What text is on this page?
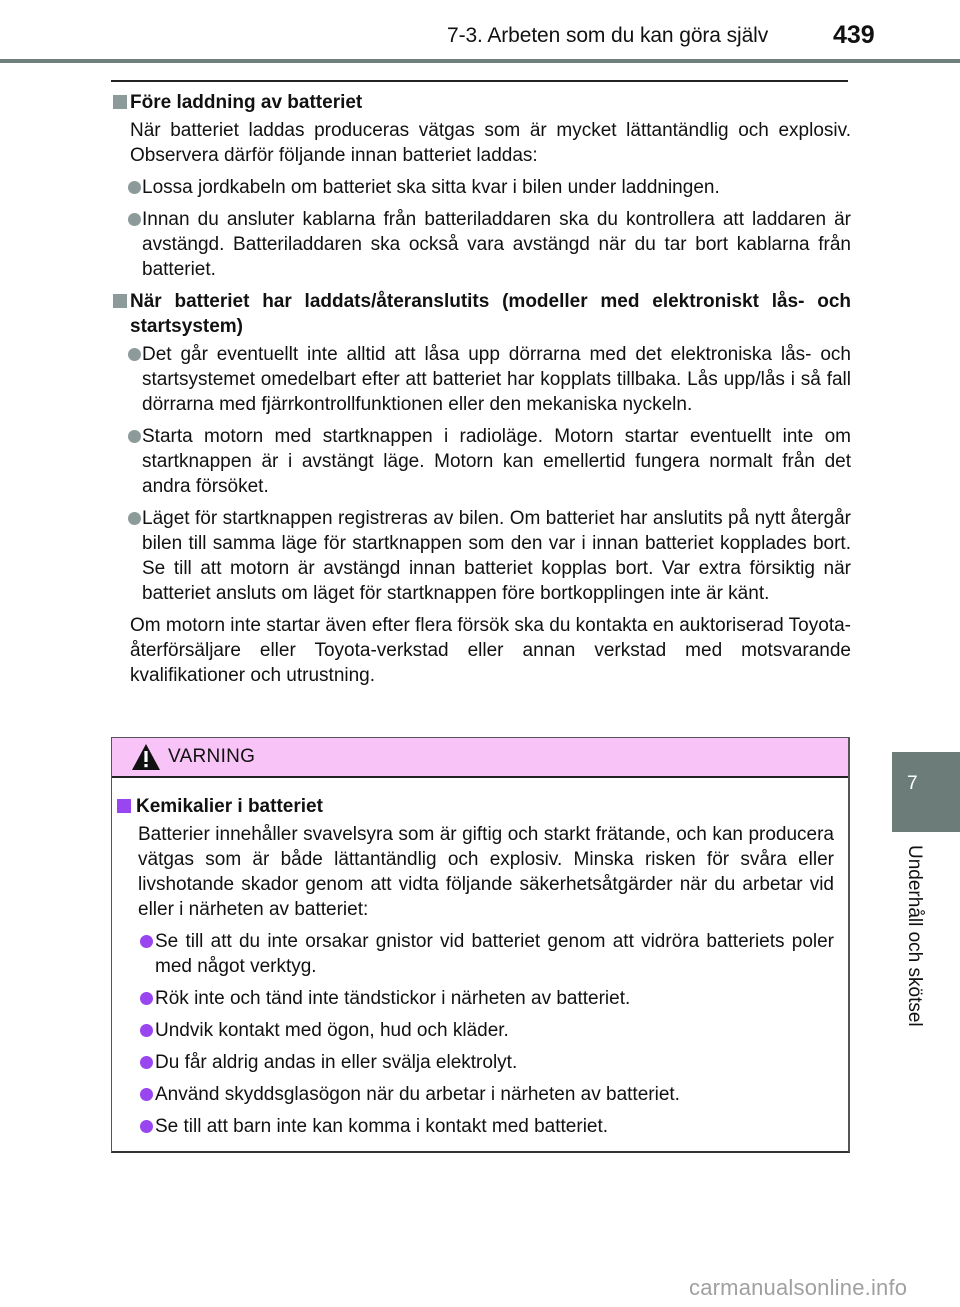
7-3. Arbeten som du kan göra själv	439
7
Underhåll och skötsel
Före laddning av batteriet
När batteriet laddas produceras vätgas som är mycket lättantändlig och explosiv. Observera därför följande innan batteriet laddas:
Lossa jordkabeln om batteriet ska sitta kvar i bilen under laddningen.
Innan du ansluter kablarna från batteriladdaren ska du kontrollera att laddaren är avstängd. Batteriladdaren ska också vara avstängd när du tar bort kablarna från batteriet.
När batteriet har laddats/återanslutits (modeller med elektroniskt lås- och startsystem)
Det går eventuellt inte alltid att låsa upp dörrarna med det elektroniska lås- och startsystemet omedelbart efter att batteriet har kopplats tillbaka. Lås upp/lås i så fall dörrarna med fjärrkontrollfunktionen eller den mekaniska nyckeln.
Starta motorn med startknappen i radioläge. Motorn startar eventuellt inte om startknappen är i avstängt läge. Motorn kan emellertid fungera normalt från det andra försöket.
Läget för startknappen registreras av bilen. Om batteriet har anslutits på nytt återgår bilen till samma läge för startknappen som den var i innan batteriet kopplades bort. Se till att motorn är avstängd innan batteriet kopplas bort. Var extra försiktig när batteriet ansluts om läget för startknappen före bortkopplingen inte är känt.
Om motorn inte startar även efter flera försök ska du kontakta en auktoriserad Toyota-återförsäljare eller Toyota-verkstad eller annan verkstad med motsvarande kvalifikationer och utrustning.
VARNING
Kemikalier i batteriet
Batterier innehåller svavelsyra som är giftig och starkt frätande, och kan producera vätgas som är både lättantändlig och explosiv. Minska risken för svåra eller livshotande skador genom att vidta följande säkerhetsåtgärder när du arbetar vid eller i närheten av batteriet:
Se till att du inte orsakar gnistor vid batteriet genom att vidröra batteriets poler med något verktyg.
Rök inte och tänd inte tändstickor i närheten av batteriet.
Undvik kontakt med ögon, hud och kläder.
Du får aldrig andas in eller svälja elektrolyt.
Använd skyddsglasögon när du arbetar i närheten av batteriet.
Se till att barn inte kan komma i kontakt med batteriet.
carmanualsonline.info
